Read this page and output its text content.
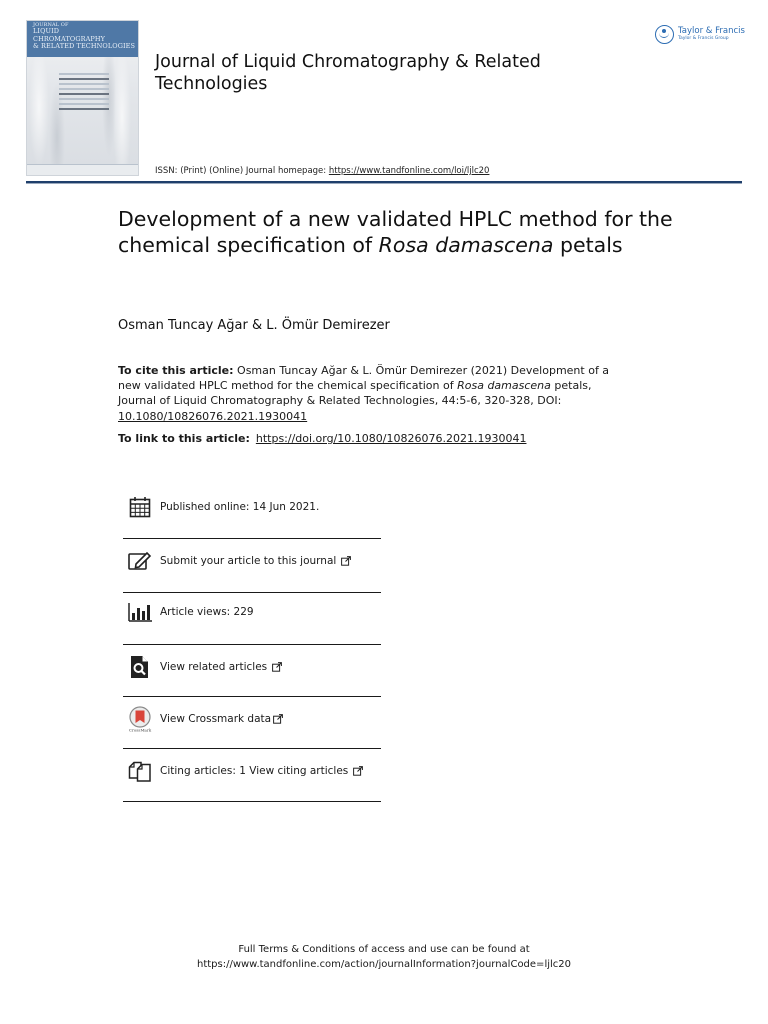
JOURNAL OF
LIQUID
CHROMATOGRAPHY
& RELATED TECHNOLOGIES
Journal of Liquid Chromatography & Related Technologies
Taylor & Francis
Taylor & Francis Group
ISSN: (Print) (Online) Journal homepage: https://www.tandfonline.com/loi/ljlc20
Development of a new validated HPLC method for the chemical specification of Rosa damascena petals
Osman Tuncay Ağar & L. Ömür Demirezer
To cite this article: Osman Tuncay Ağar & L. Ömür Demirezer (2021) Development of a new validated HPLC method for the chemical specification of Rosa damascena petals, Journal of Liquid Chromatography & Related Technologies, 44:5-6, 320-328, DOI: 10.1080/10826076.2021.1930041
To link to this article: https://doi.org/10.1080/10826076.2021.1930041
Published online: 14 Jun 2021.
Submit your article to this journal
Article views: 229
View related articles
CrossMark
View Crossmark data
Citing articles: 1 View citing articles
Full Terms & Conditions of access and use can be found at
https://www.tandfonline.com/action/journalInformation?journalCode=ljlc20
